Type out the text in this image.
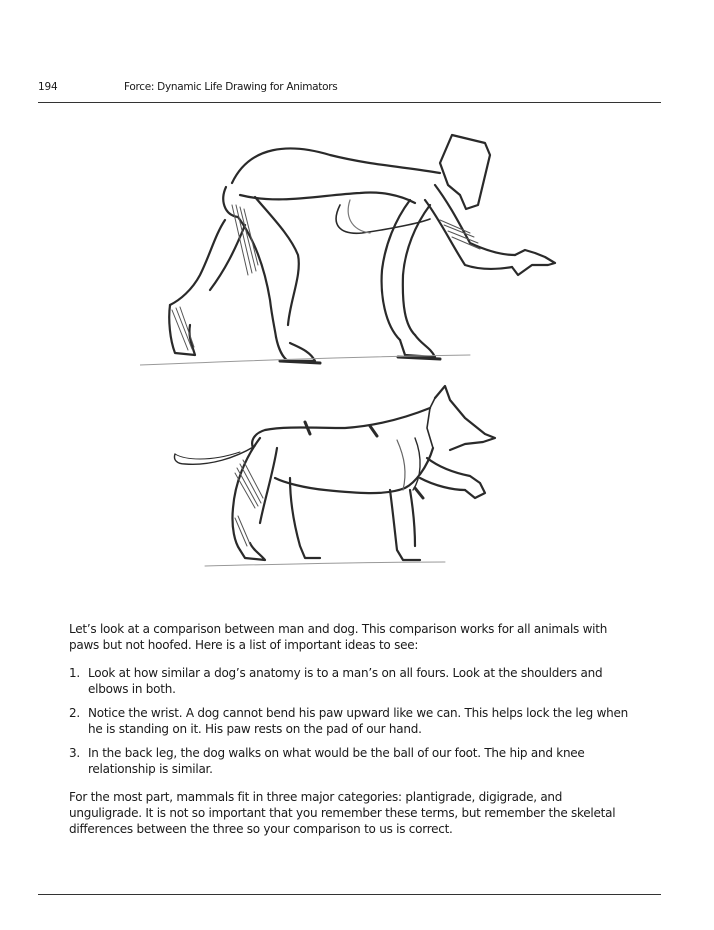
194	Force: Dynamic Life Drawing for Animators

Let’s look at a comparison between man and dog. This comparison works for all animals with paws but not hoofed. Here is a list of important ideas to see:

1. Look at how similar a dog’s anatomy is to a man’s on all fours. Look at the shoulders and elbows in both.
2. Notice the wrist. A dog cannot bend his paw upward like we can. This helps lock the leg when he is standing on it. His paw rests on the pad of our hand.
3. In the back leg, the dog walks on what would be the ball of our foot. The hip and knee relationship is similar.

For the most part, mammals fit in three major categories: plantigrade, digigrade, and unguligrade. It is not so important that you remember these terms, but remember the skeletal differences between the three so your comparison to us is correct.
